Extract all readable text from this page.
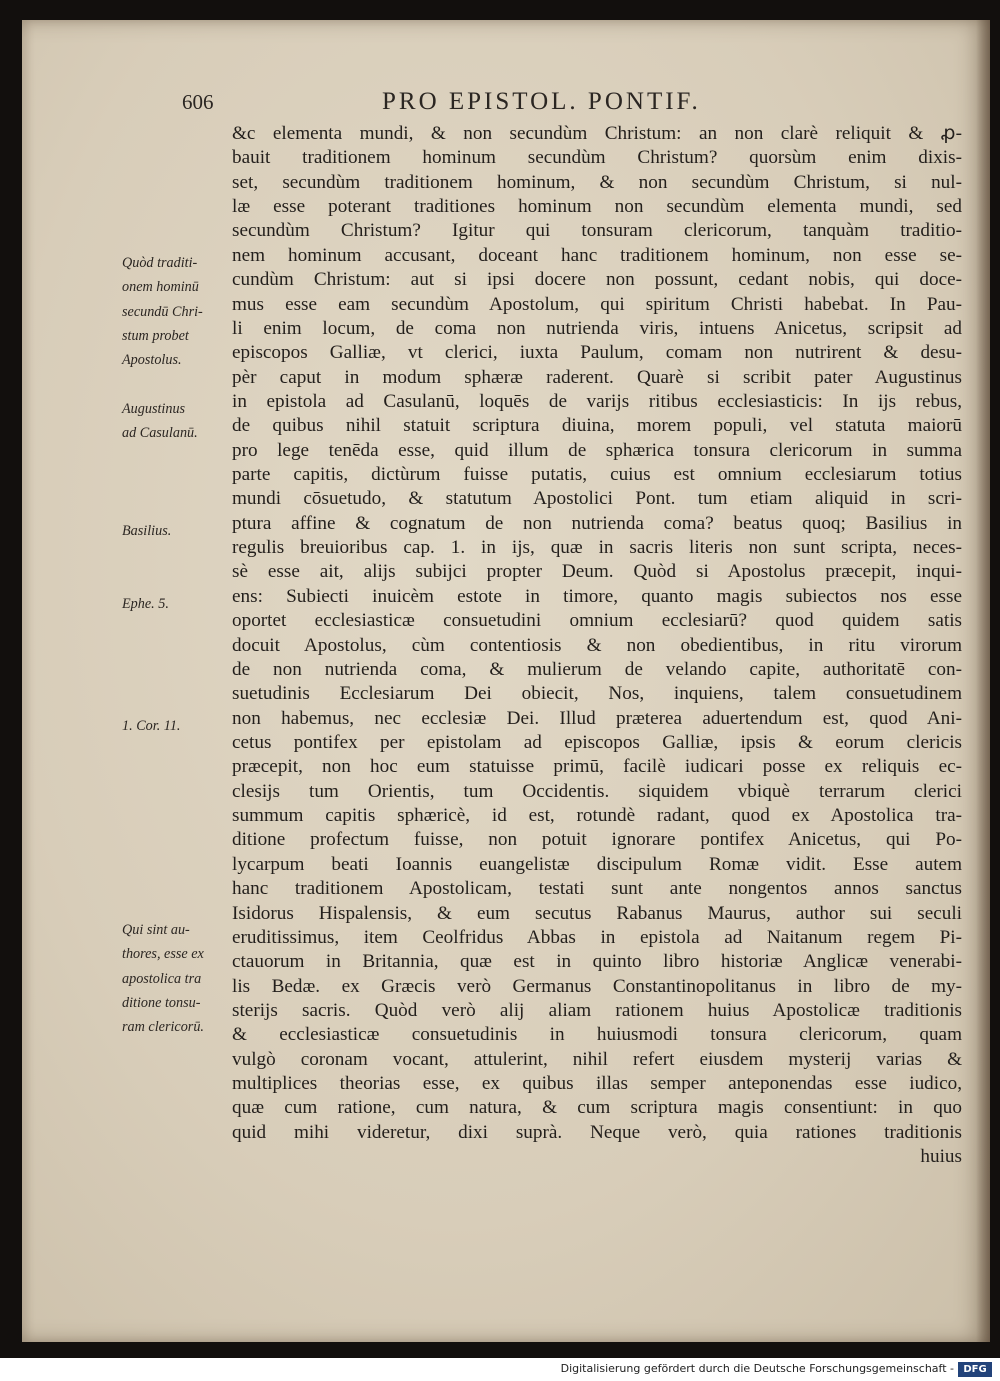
606	PRO EPISTOL. PONTIF.
&c elementa mundi, & non secundùm Christum: an non clarè reliquit & ꝓ-
bauit traditionem hominum secundùm Christum? quorsùm enim dixis-
set, secundùm traditionem hominum, & non secundùm Christum, si nul-
læ esse poterant traditiones hominum non secundùm elementa mundi, sed
secundùm Christum? Igitur qui tonsuram clericorum, tanquàm traditio-
nem hominum accusant, doceant hanc traditionem hominum, non esse se-
cundùm Christum: aut si ipsi docere non possunt, cedant nobis, qui doce-
mus esse eam secundùm Apostolum, qui spiritum Christi habebat. In Pau-
li enim locum, de coma non nutrienda viris, intuens Anicetus, scripsit ad
episcopos Galliæ, vt clerici, iuxta Paulum, comam non nutrirent & desu-
pèr caput in modum sphæræ raderent. Quarè si scribit pater Augustinus
in epistola ad Casulanū, loquēs de varijs ritibus ecclesiasticis: In ijs rebus,
de quibus nihil statuit scriptura diuina, morem populi, vel statuta maiorū
pro lege tenēda esse, quid illum de sphærica tonsura clericorum in summa
parte capitis, dictùrum fuisse putatis, cuius est omnium ecclesiarum totius
mundi cōsuetudo, & statutum Apostolici Pont. tum etiam aliquid in scri-
ptura affine & cognatum de non nutrienda coma? beatus quoq; Basilius in
regulis breuioribus cap. 1. in ijs, quæ in sacris literis non sunt scripta, neces-
sè esse ait, alijs subijci propter Deum. Quòd si Apostolus præcepit, inqui-
ens: Subiecti inuicèm estote in timore, quanto magis subiectos nos esse
oportet ecclesiasticæ consuetudini omnium ecclesiarū? quod quidem satis
docuit Apostolus, cùm contentiosis & non obedientibus, in ritu virorum
de non nutrienda coma, & mulierum de velando capite, authoritatē con-
suetudinis Ecclesiarum Dei obiecit, Nos, inquiens, talem consuetudinem
non habemus, nec ecclesiæ Dei. Illud præterea aduertendum est, quod Ani-
cetus pontifex per epistolam ad episcopos Galliæ, ipsis & eorum clericis
præcepit, non hoc eum statuisse primū, facilè iudicari posse ex reliquis ec-
clesijs tum Orientis, tum Occidentis. siquidem vbiquè terrarum clerici
summum capitis sphæricè, id est, rotundè radant, quod ex Apostolica tra-
ditione profectum fuisse, non potuit ignorare pontifex Anicetus, qui Po-
lycarpum beati Ioannis euangelistæ discipulum Romæ vidit. Esse autem
hanc traditionem Apostolicam, testati sunt ante nongentos annos sanctus
Isidorus Hispalensis, & eum secutus Rabanus Maurus, author sui seculi
eruditissimus, item Ceolfridus Abbas in epistola ad Naitanum regem Pi-
ctauorum in Britannia, quæ est in quinto libro historiæ Anglicæ venerabi-
lis Bedæ. ex Græcis verò Germanus Constantinopolitanus in libro de my-
sterijs sacris. Quòd verò alij aliam rationem huius Apostolicæ traditionis
& ecclesiasticæ consuetudinis in huiusmodi tonsura clericorum, quam
vulgò coronam vocant, attulerint, nihil refert eiusdem mysterij varias &
multiplices theorias esse, ex quibus illas semper anteponendas esse iudico,
quæ cum ratione, cum natura, & cum scriptura magis consentiunt: in quo
quid mihi videretur, dixi suprà. Neque verò, quia rationes traditionis
huius
Quòd traditi-
onem hominū
secundū Chri-
stum probet
Apostolus.
Augustinus
ad Casulanū.
Basilius.
Ephe. 5.
1. Cor. 11.
Qui sint au-
thores, esse ex
apostolica tra
ditione tonsu-
ram clericorū.
Digitalisierung gefördert durch die Deutsche Forschungsgemeinschaft - DFG
